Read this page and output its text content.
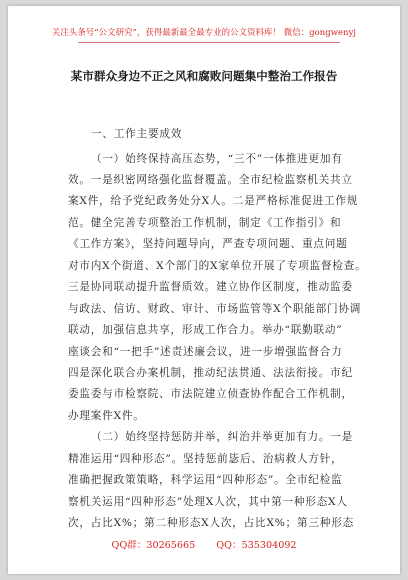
关注头条号“公文研究”，获得最新最全最专业的公文资料库！ 微信：gongwenyj
某市群众身边不正之风和腐败问题集中整治工作报告
一、工作主要成效
（一）始终保持高压态势，“三不”一体推进更加有
效。一是织密网络强化监督覆盖。全市纪检监察机关共立
案X件，给予党纪政务处分X人。二是严格标准促进工作规
范。健全完善专项整治工作机制，制定《工作指引》和
《工作方案》，坚持问题导向，严查专项问题、重点问题
对市内X个街道、X个部门的X家单位开展了专项监督检查。
三是协同联动提升监督质效。建立协作区制度，推动监委
与政法、信访、财政、审计、市场监管等X个职能部门协调
联动，加强信息共享，形成工作合力。举办“联勤联动”
座谈会和“一把手”述责述廉会议，进一步增强监督合力
四是深化联合办案机制，推动纪法贯通、法法衔接。市纪
委监委与市检察院、市法院建立侦查协作配合工作机制，
办理案件X件。
（二）始终坚持惩防并举，纠治并举更加有力。一是
精准运用“四种形态”。坚持惩前毖后、治病救人方针，
准确把握政策策略，科学运用“四种形态”。全市纪检监
察机关运用“四种形态”处理X人次，其中第一种形态X人
次，占比X%；第二种形态X人次，占比X%；第三种形态
QQ群：30265665 QQ：535304092
